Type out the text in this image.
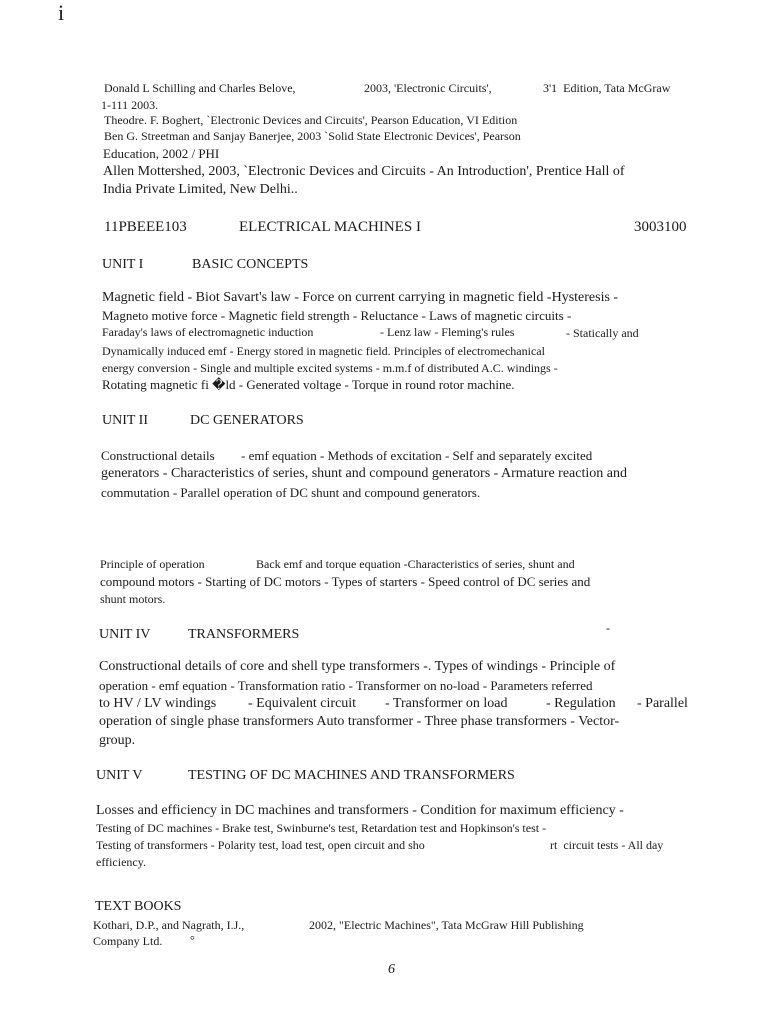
i
Donald L Schilling and Charles Belove,	2003, 'Electronic Circuits',	3'1  Edition, Tata McGraw
1-111 2003.
Theodre. F. Boghert, `Electronic Devices and Circuits', Pearson Education, VI Edition
Ben G. Streetman and Sanjay Banerjee, 2003 `Solid State Electronic Devices', Pearson
Education, 2002 / PHI
Allen Mottershed, 2003, `Electronic Devices and Circuits - An Introduction', Prentice Hall of
India Private Limited, New Delhi..
11PBEEE103	ELECTRICAL MACHINES I	3003100
UNIT I	BASIC CONCEPTS
Magnetic field - Biot Savart's law - Force on current carrying in magnetic field -Hysteresis -
Magneto motive force - Magnetic field strength - Reluctance - Laws of magnetic circuits -
Faraday's laws of electromagnetic induction	- Lenz law - Fleming's rules	- Statically and
Dynamically induced emf - Energy stored in magnetic field. Principles of electromechanical
energy conversion - Single and multiple excited systems - m.m.f of distributed A.C. windings -
Rotating magnetic fi �ld - Generated voltage - Torque in round rotor machine.
UNIT II	DC GENERATORS
Constructional details - emf equation - Methods of excitation - Self and separately excited
generators - Characteristics of series, shunt and compound generators - Armature reaction and
commutation - Parallel operation of DC shunt and compound generators.
Principle of operation	Back emf and torque equation -Characteristics of series, shunt and
compound motors - Starting of DC motors - Types of starters - Speed control of DC series and
shunt motors.
UNIT IV	TRANSFORMERS	-
Constructional details of core and shell type transformers -. Types of windings - Principle of
operation - emf equation - Transformation ratio - Transformer on no-load - Parameters referred
to HV / LV windings - Equivalent circuit - Transformer on load	- Regulation - Parallel
operation of single phase transformers Auto transformer - Three phase transformers - Vector-
group.
UNIT V	TESTING OF DC MACHINES AND TRANSFORMERS
Losses and efficiency in DC machines and transformers - Condition for maximum efficiency -
Testing of DC machines - Brake test, Swinburne's test, Retardation test and Hopkinson's test -
Testing of transformers - Polarity test, load test, open circuit and sho	rt  circuit tests - All day
efficiency.
TEXT BOOKS
Kothari, D.P., and Nagrath, I.J.,	2002, "Electric Machines", Tata McGraw Hill Publishing
Company Ltd. °
6
